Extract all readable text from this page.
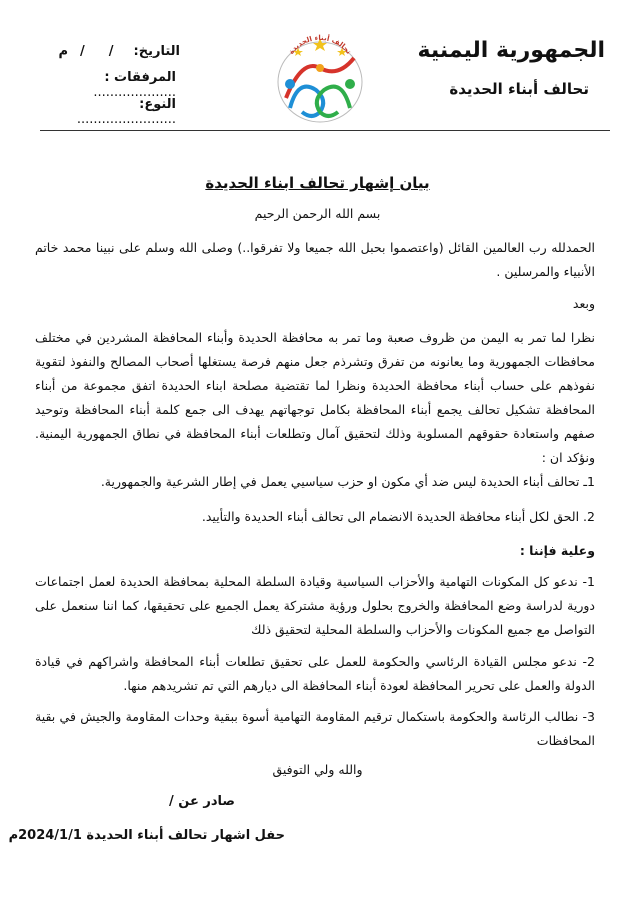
الجمهورية اليمنية
تحالف أبناء الحديدة
التاريخ://م
المرفقات : ....................
النوع: ........................
تحالف أبناء الحديدة
بيان إشهار تحالف ابناء الحديدة
بسم الله الرحمن الرحيم
الحمدلله رب العالمين القائل (واعتصموا بحبل الله جميعا ولا تفرقوا..) وصلى الله وسلم على نبينا محمد خاتم الأنبياء والمرسلين .
وبعد
نظرا لما تمر به اليمن من ظروف صعبة وما تمر به محافظة الحديدة وأبناء المحافظة المشردين في مختلف محافظات الجمهورية وما يعانونه من تفرق وتشرذم جعل منهم فرصة يستغلها أصحاب المصالح والنفوذ لتقوية نفوذهم على حساب أبناء محافظة الحديدة ونظرا لما تقتضية مصلحة ابناء الحديدة اتفق مجموعة من أبناء المحافظة تشكيل تحالف يجمع أبناء المحافظة بكامل توجهاتهم يهدف الى جمع كلمة أبناء المحافظة وتوحيد صفهم واستعادة حقوقهم المسلوبة وذلك لتحقيق آمال وتطلعات أبناء المحافظة في نطاق الجمهورية اليمنية. ونؤكد ان :
1ـ تحالف أبناء الحديدة ليس ضد أي مكون او حزب سياسيي يعمل في إطار الشرعية والجمهورية.
2. الحق لكل أبناء محافظة الحديدة الانضمام الى تحالف أبناء الحديدة والتأييد.
وعلية فإننا :
1- ندعو كل المكونات التهامية والأحزاب السياسية وقيادة السلطة المحلية بمحافظة الحديدة لعمل اجتماعات دورية لدراسة وضع المحافظة والخروج بحلول ورؤية مشتركة يعمل الجميع على تحقيقها، كما اننا سنعمل على التواصل مع جميع المكونات والأحزاب والسلطة المحلية لتحقيق ذلك
2- ندعو مجلس القيادة الرئاسي والحكومة للعمل على تحقيق تطلعات أبناء المحافظة واشراكهم في قيادة الدولة والعمل على تحرير المحافظة لعودة أبناء المحافظة الى ديارهم التي تم تشريدهم منها.
3- نطالب الرئاسة والحكومة باستكمال ترقيم المقاومة التهامية أسوة ببقية وحدات المقاومة والجيش في بقية المحافظات
والله ولي التوفيق
صادر عن /
حفل اشهار تحالف أبناء الحديدة 2024/1/1م
